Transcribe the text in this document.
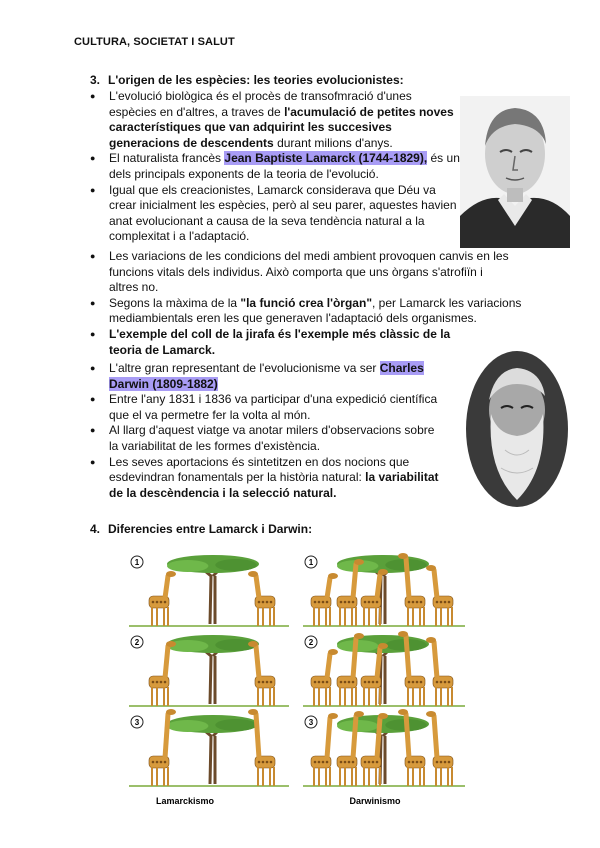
CULTURA, SOCIETAT I SALUT
3. L'origen de les espècies: les teories evolucionistes:
● L'evolució biològica és el procès de transofmració d'unes espècies en d'altres, a traves de l'acumulació de petites noves característiques que van adquirint les succesives generacions de descendents durant milions d'anys.
● El naturalista francès Jean Baptiste Lamarck (1744-1829), és un dels principals exponents de la teoria de l'evolució.
● Igual que els creacionistes, Lamarck considerava que Déu va crear inicialment les espècies, però al seu parer, aquestes havien anat evolucionant a causa de la seva tendència natural a la complexitat i a l'adaptació.
● Les variacions de les condicions del medi ambient provoquen canvis en les funcions vitals dels individus. Això comporta que uns òrgans s'atrofiïn i altres no.
● Segons la màxima de la "la funció crea l'òrgan", per Lamarck les variacions mediambientals eren les que generaven l'adaptació dels organismes.
● L'exemple del coll de la jirafa és l'exemple més clàssic de la teoria de Lamarck.
● L'altre gran representant de l'evolucionisme va ser Charles Darwin (1809-1882)
● Entre l'any 1831 i 1836 va participar d'una expedició científica que el va permetre fer la volta al món.
● Al llarg d'aquest viatge va anotar milers d'observacions sobre la variabilitat de les formes d'existència.
● Les seves aportacions és sintetitzen en dos nocions que esdevindran fonamentals per la història natural: la variabilitat de la descèndencia i la selecció natural.
4. Diferencies entre Lamarck i Darwin:
1	1
2	2
3	3
Lamarckismo	Darwinismo
